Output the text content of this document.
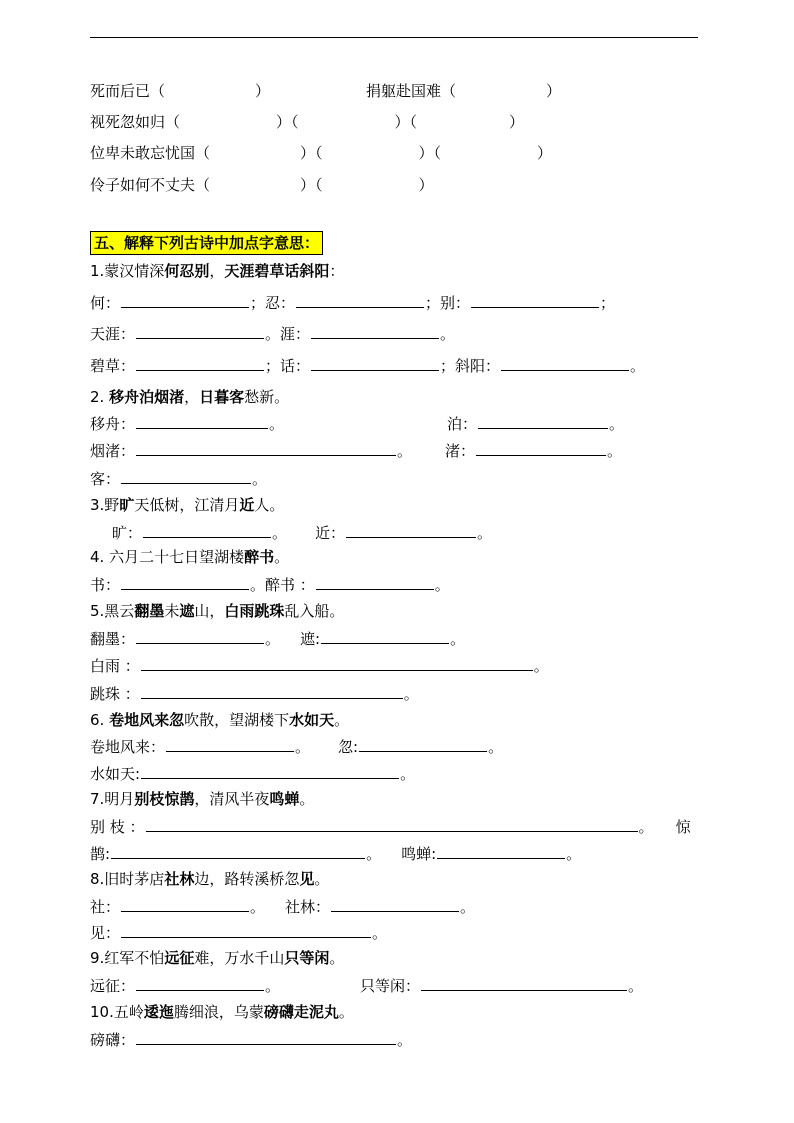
死而后已（	）	捐躯赴国难（	）
视死忽如归（	）（	）（	）
位卑未敢忘忧国（	）（	）（	）
伶子如何不丈夫（	）（	）
五、解释下列古诗中加点字意思：
1.蒙汉情深何忍别，天涯碧草话斜阳：
何：	；忍：	；别：	；
天涯：	。涯：	。
碧草：	；话：	；斜阳：	。
2. 移舟泊烟渚，日暮客愁新。
移舟：	。	泊：	。
烟渚：	。 渚：	。
客：	。
3.野旷天低树，江清月近人。
旷：	。 近：	。
4. 六月二十七日望湖楼醉书。
书：	。醉书 ：	。
5.黑云翻墨未遮山，白雨跳珠乱入船。
翻墨：	。 遮:	。
白雨 ：	。
跳珠 ：	。
6. 卷地风来忽吹散，望湖楼下水如天。
卷地风来：	。 忽:	。
水如天:	。
7.明月别枝惊鹊，清风半夜鸣蝉。
别 枝 ：	。 惊
鹊:	。 鸣蝉:	。
8.旧时茅店社林边，路转溪桥忽见。
社：	。 社林：	。
见：	。
9.红军不怕远征难，万水千山只等闲。
远征：	。	只等闲：	。
10.五岭逶迤腾细浪，乌蒙磅礴走泥丸。
磅礴：	。
